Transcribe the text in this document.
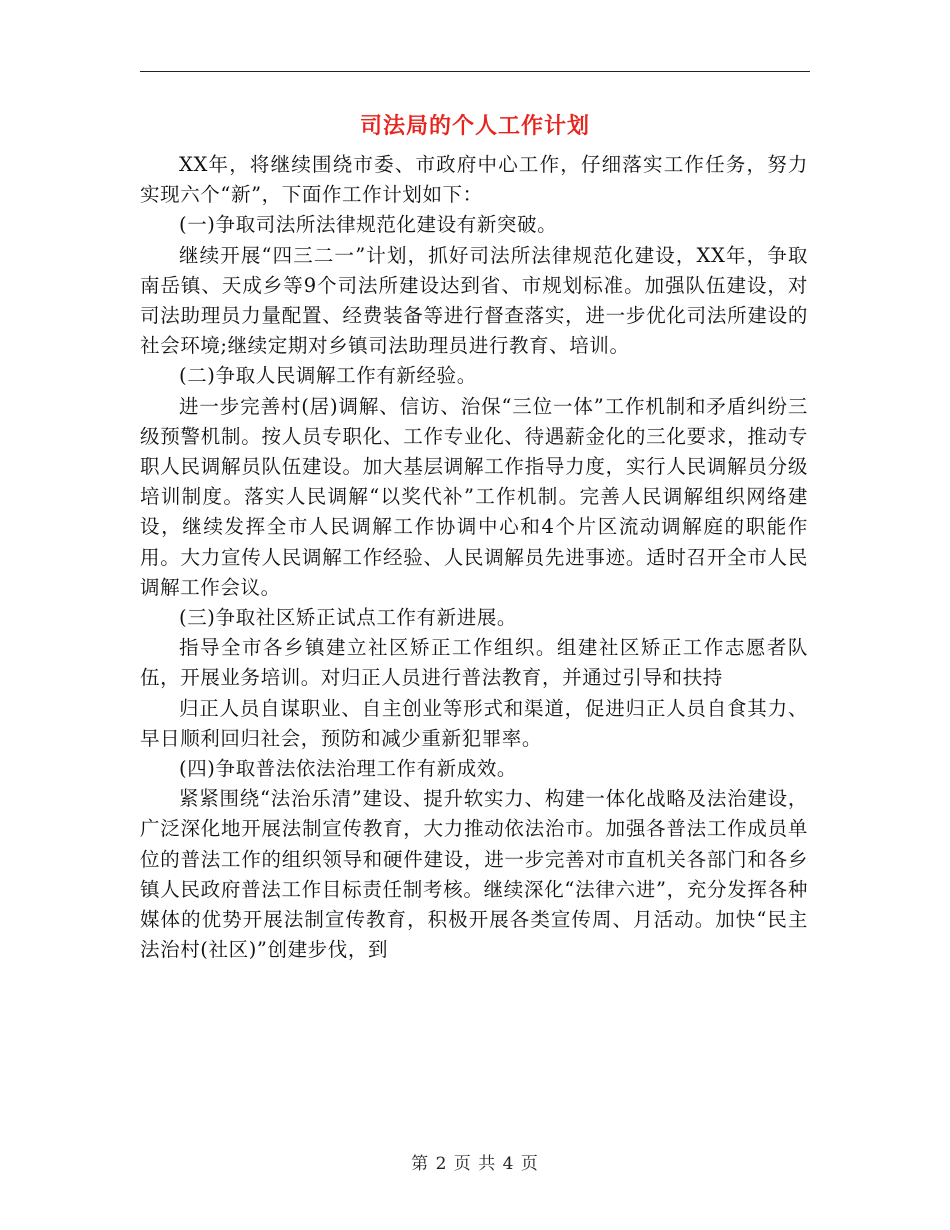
司法局的个人工作计划

XX年，将继续围绕市委、市政府中心工作，仔细落实工作任务，努力实现六个“新”，下面作工作计划如下：

(一)争取司法所法律规范化建设有新突破。

继续开展“四三二一”计划，抓好司法所法律规范化建设，XX年，争取南岳镇、天成乡等9个司法所建设达到省、市规划标准。加强队伍建设，对司法助理员力量配置、经费装备等进行督查落实，进一步优化司法所建设的社会环境;继续定期对乡镇司法助理员进行教育、培训。

(二)争取人民调解工作有新经验。

进一步完善村(居)调解、信访、治保“三位一体”工作机制和矛盾纠纷三级预警机制。按人员专职化、工作专业化、待遇薪金化的三化要求，推动专职人民调解员队伍建设。加大基层调解工作指导力度，实行人民调解员分级培训制度。落实人民调解“以奖代补”工作机制。完善人民调解组织网络建设，继续发挥全市人民调解工作协调中心和4个片区流动调解庭的职能作用。大力宣传人民调解工作经验、人民调解员先进事迹。适时召开全市人民调解工作会议。

(三)争取社区矫正试点工作有新进展。

指导全市各乡镇建立社区矫正工作组织。组建社区矫正工作志愿者队伍，开展业务培训。对归正人员进行普法教育，并通过引导和扶持

归正人员自谋职业、自主创业等形式和渠道，促进归正人员自食其力、早日顺利回归社会，预防和减少重新犯罪率。

(四)争取普法依法治理工作有新成效。

紧紧围绕“法治乐清”建设、提升软实力、构建一体化战略及法治建设，广泛深化地开展法制宣传教育，大力推动依法治市。加强各普法工作成员单位的普法工作的组织领导和硬件建设，进一步完善对市直机关各部门和各乡镇人民政府普法工作目标责任制考核。继续深化“法律六进”，充分发挥各种媒体的优势开展法制宣传教育，积极开展各类宣传周、月活动。加快“民主法治村(社区)”创建步伐，到

第 2 页 共 4 页
